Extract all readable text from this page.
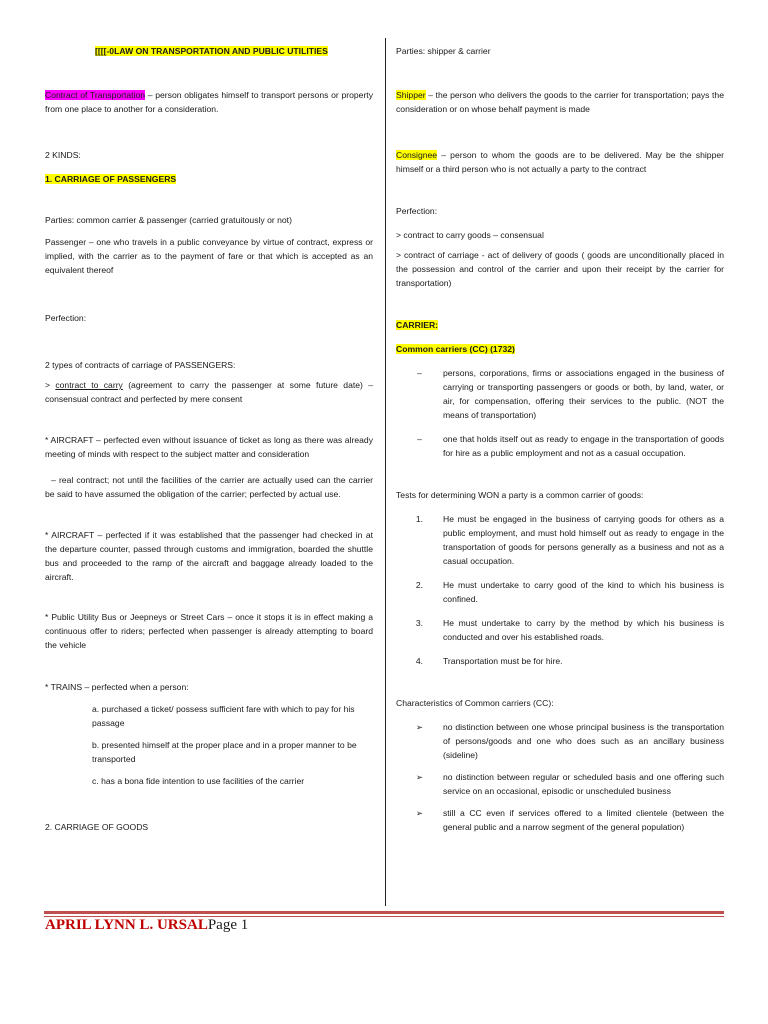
[[[[-0LAW ON TRANSPORTATION AND PUBLIC UTILITIES

Contract of Transportation – person obligates himself to transport persons or property from one place to another for a consideration.

2 KINDS:

1. CARRIAGE OF PASSENGERS

Parties: common carrier & passenger (carried gratuitously or not)

Passenger – one who travels in a public conveyance by virtue of contract, express or implied, with the carrier as to the payment of fare or that which is accepted as an equivalent thereof

Perfection:

2 types of contracts of carriage of PASSENGERS:

> contract to carry (agreement to carry the passenger at some future date) – consensual contract and perfected by mere consent

* AIRCRAFT – perfected even without issuance of ticket as long as there was already meeting of minds with respect to the subject matter and consideration

– real contract; not until the facilities of the carrier are actually used can the carrier be said to have assumed the obligation of the carrier; perfected by actual use.

* AIRCRAFT – perfected if it was established that the passenger had checked in at the departure counter, passed through customs and immigration, boarded the shuttle bus and proceeded to the ramp of the aircraft and baggage already loaded to the aircraft.

* Public Utility Bus or Jeepneys or Street Cars – once it stops it is in effect making a continuous offer to riders; perfected when passenger is already attempting to board the vehicle

* TRAINS – perfected when a person:

a. purchased a ticket/ possess sufficient fare with which to pay for his passage

b. presented himself at the proper place and in a proper manner to be transported

c. has a bona fide intention to use facilities of the carrier

2. CARRIAGE OF GOODS

Parties: shipper & carrier

Shipper – the person who delivers the goods to the carrier for transportation; pays the consideration or on whose behalf payment is made

Consignee – person to whom the goods are to be delivered. May be the shipper himself or a third person who is not actually a party to the contract

Perfection:

> contract to carry goods – consensual

> contract of carriage - act of delivery of goods ( goods are unconditionally placed in the possession and control of the carrier and upon their receipt by the carrier for transportation)

CARRIER:

Common carriers (CC) (1732)

–	persons, corporations, firms or associations engaged in the business of carrying or transporting passengers or goods or both, by land, water, or air, for compensation, offering their services to the public. (NOT the means of transportation)
–	one that holds itself out as ready to engage in the transportation of goods for hire as a public employment and not as a casual occupation.

Tests for determining WON a party is a common carrier of goods:

1.	He must be engaged in the business of carrying goods for others as a public employment, and must hold himself out as ready to engage in the transportation of goods for persons generally as a business and not as a casual occupation.
2.	He must undertake to carry good of the kind to which his business is confined.
3.	He must undertake to carry by the method by which his business is conducted and over his established roads.
4.	Transportation must be for hire.

Characteristics of Common carriers (CC):

➢	no distinction between one whose principal business is the transportation of persons/goods and one who does such as an ancillary business (sideline)
➢	no distinction between regular or scheduled basis and one offering such service on an occasional, episodic or unscheduled business
➢	still a CC even if services offered to a limited clientele (between the general public and a narrow segment of the general population)
APRIL LYNN L. URSALPage 1
